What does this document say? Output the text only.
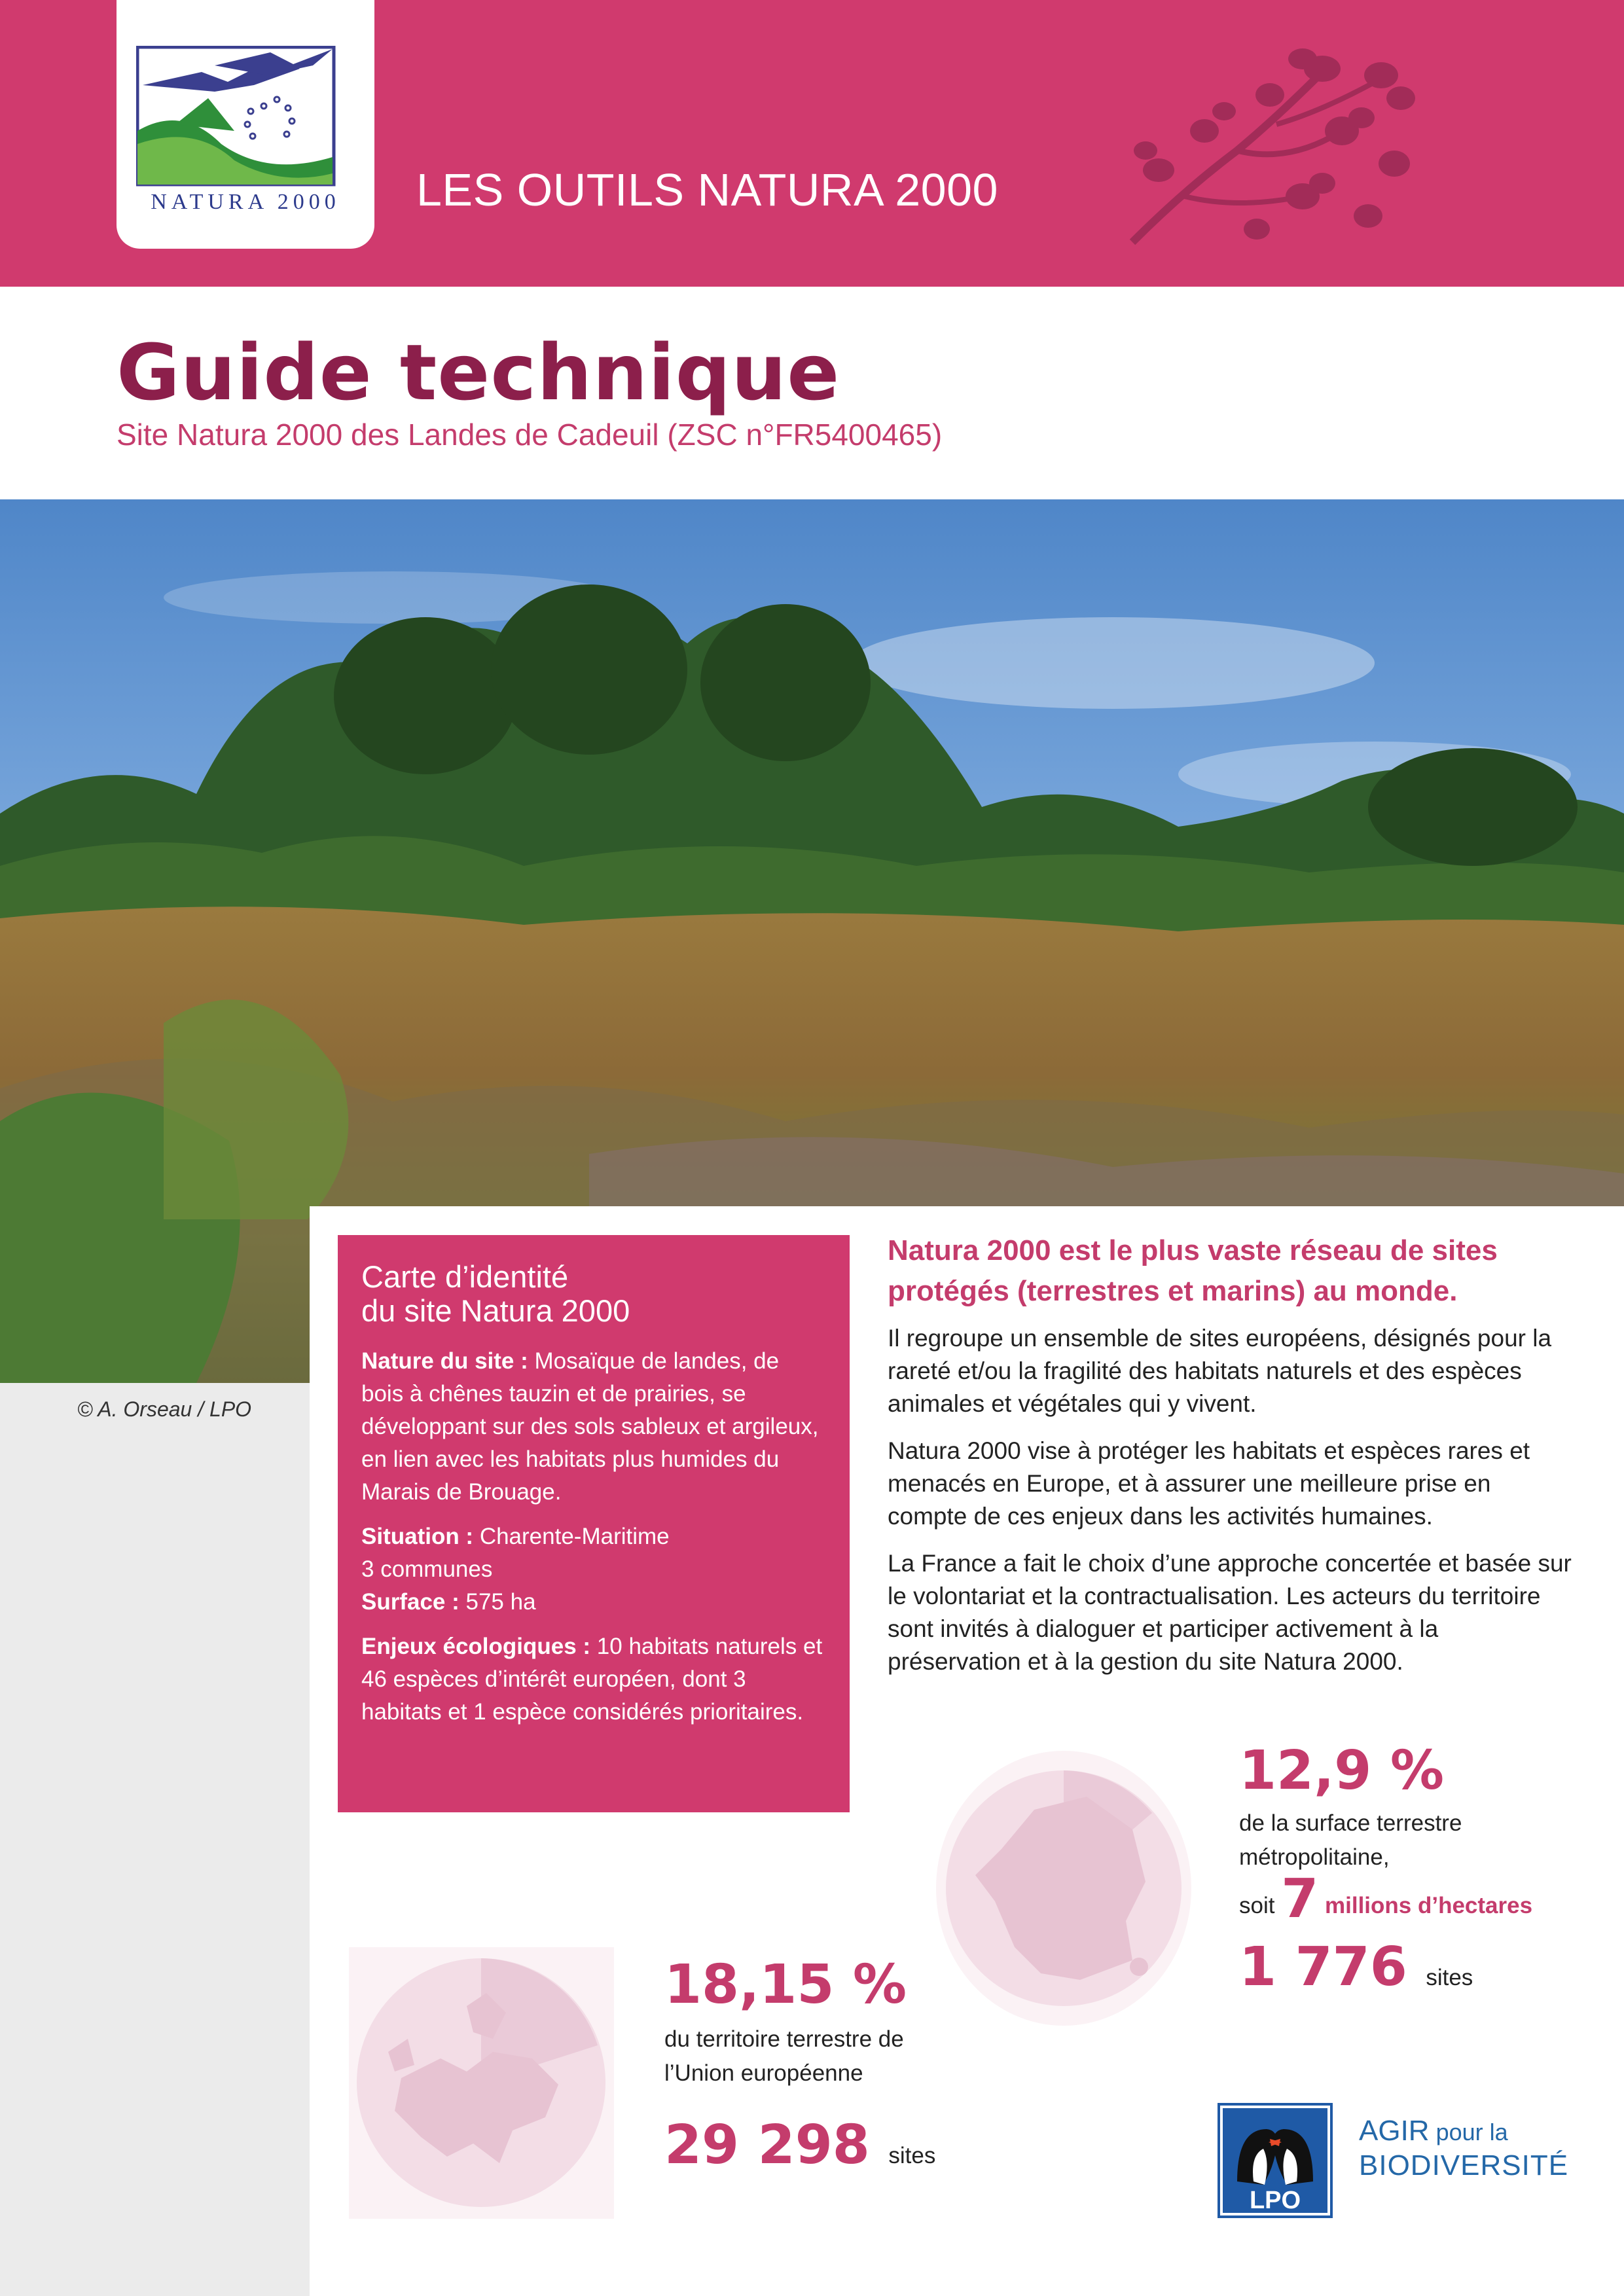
NATURA 2000	LES OUTILS NATURA 2000
Guide technique
Site Natura 2000 des Landes de Cadeuil (ZSC n°FR5400465)
© A. Orseau / LPO
Carte d’identité
du site Natura 2000

Nature du site : Mosaïque de landes, de bois à chênes tauzin et de prairies, se développant sur des sols sableux et argileux, en lien avec les habitats plus humides du Marais de Brouage.

Situation : Charente-Maritime

3 communes

Surface : 575 ha

Enjeux écologiques : 10 habitats naturels et 46 espèces d’intérêt européen, dont 3 habitats et 1 espèce considérés prioritaires.

Natura 2000 est le plus vaste réseau de sites protégés (terrestres et marins) au monde.

Il regroupe un ensemble de sites européens, désignés pour la rareté et/ou la fragilité des habitats naturels et des espèces animales et végétales qui y vivent.

Natura 2000 vise à protéger les habitats et espèces rares et menacés en Europe, et à assurer une meilleure prise en compte de ces enjeux dans les activités humaines.

La France a fait le choix d’une approche concertée et basée sur le volontariat et la contractualisation. Les acteurs du territoire sont invités à dialoguer et participer activement à la préservation et à la gestion du site Natura 2000.

12,9 %
de la surface terrestre
métropolitaine,
soit 7 millions d’hectares
1 776 sites
18,15 %
du territoire terrestre de
l’Union européenne
29 298 sites
LPO
AGIR pour la
BIODIVERSITÉ
